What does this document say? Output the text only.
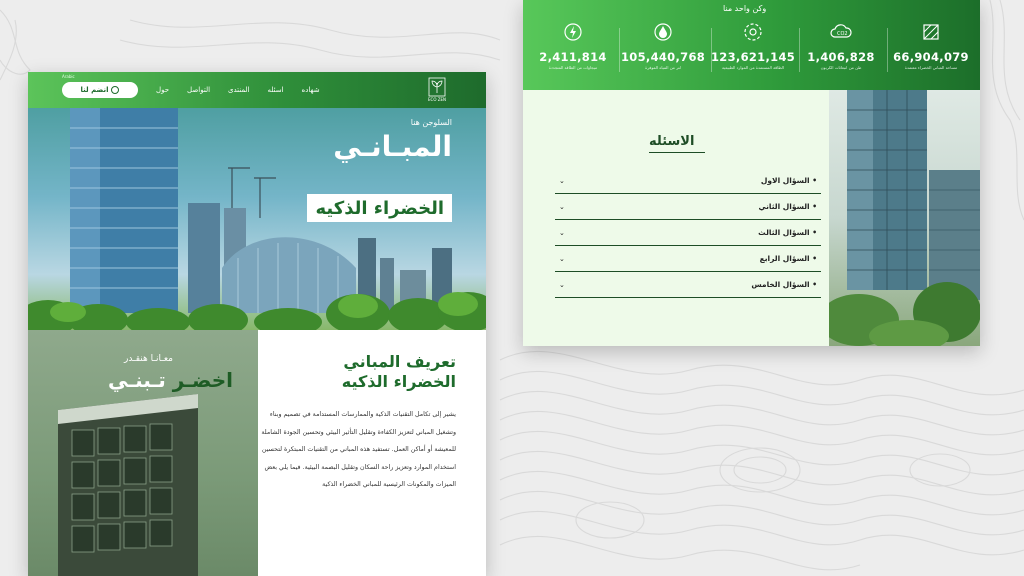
Arabic
انضم لنا	شهاده
اسئله
المنتدى
التواصل
حول
ECO ZEN
السلوجن هنا
المبـانـي
الخضراء الذكيه
معـانـا هنقـدر
اخضـر تـبنـي
تعريف المباني
الخضراء الذكيه

يشير إلى تكامل التقنيات الذكية والممارسات المستدامة في تصميم وبناء وتشغيل المباني لتعزيز الكفاءة وتقليل التأثير البيئي وتحسين الجودة الشاملة للمعيشة أو أماكن العمل. تستفيد هذه المباني من التقنيات المبتكرة لتحسين استخدام الموارد وتعزيز راحة السكان وتقليل البصمة البيئية. فيما يلي بعض الميزات والمكونات الرئيسية للمباني الخضراء الذكية

وكن واحد منا
2,411,814
ميجاوات من الطاقة المتجددة
105,440,768
لتر من المياه الموفرة
123,621,145
الطاقة المستمدة من الموارد الطبيعية
CO2
1,406,828
طن من انبعاثات الكربون
66,904,079
مساحة المباني الخضراء معتمدة
الاسئله
⌄	• السؤال الاول
⌄	• السؤال الثاني
⌄	• السؤال الثالث
⌄	• السؤال الرابع
⌄	• السؤال الخامس
